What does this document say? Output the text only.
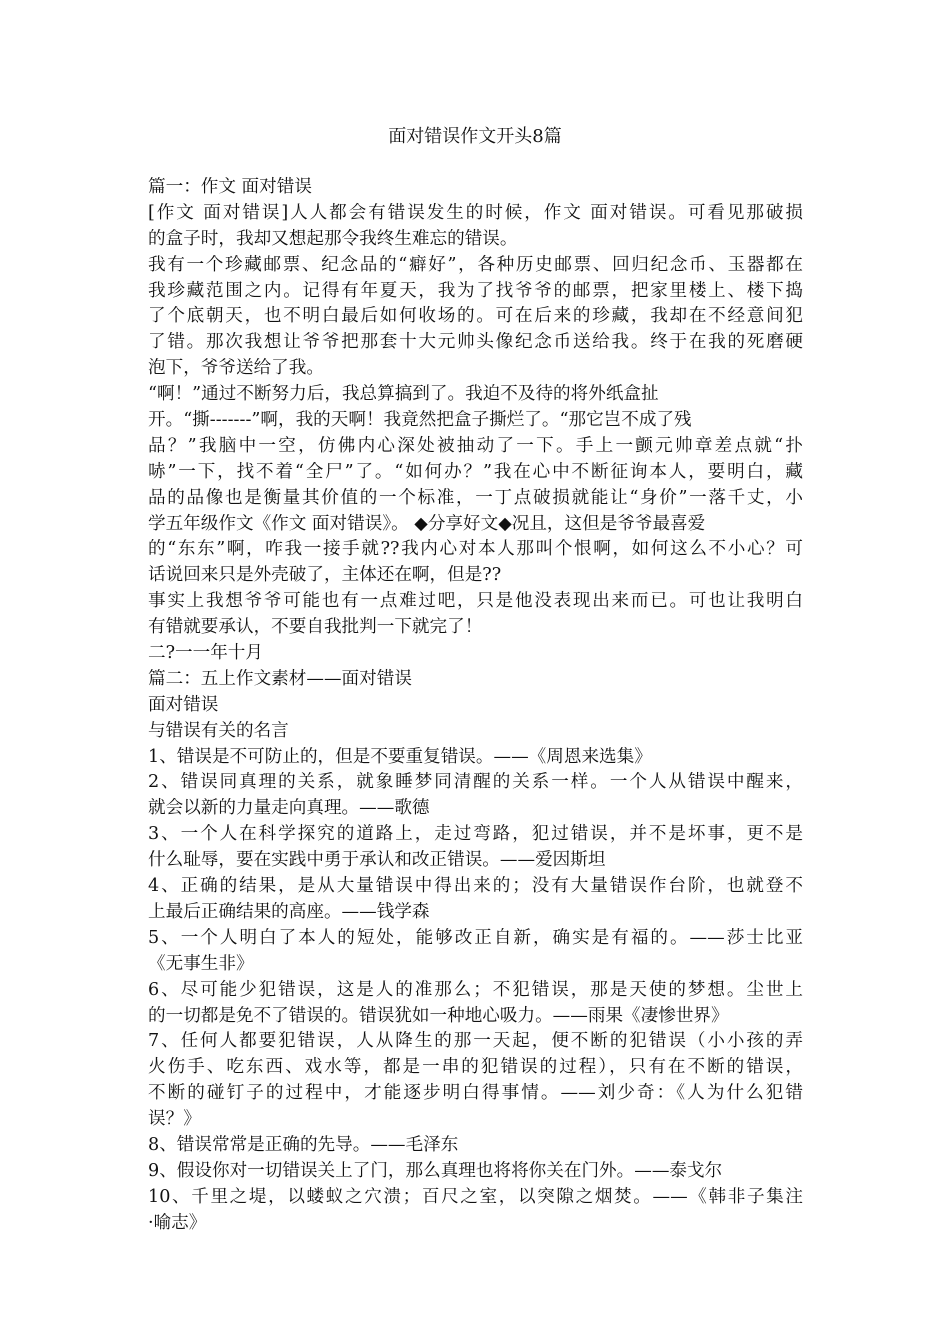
面对错误作文开头8篇
篇一：作文 面对错误
[作文 面对错误]人人都会有错误发生的时候，作文 面对错误。可看见那破损
的盒子时，我却又想起那令我终生难忘的错误。
我有一个珍藏邮票、纪念品的“癖好”，各种历史邮票、回归纪念币、玉器都在
我珍藏范围之内。记得有年夏天，我为了找爷爷的邮票，把家里楼上、楼下捣
了个底朝天，也不明白最后如何收场的。可在后来的珍藏，我却在不经意间犯
了错。那次我想让爷爷把那套十大元帅头像纪念币送给我。终于在我的死磨硬
泡下，爷爷送给了我。
“啊！”通过不断努力后，我总算搞到了。我迫不及待的将外纸盒扯
开。“撕-------”啊，我的天啊！我竟然把盒子撕烂了。“那它岂不成了残
品？”我脑中一空，仿佛内心深处被抽动了一下。手上一颤元帅章差点就“扑
哧”一下，找不着“全尸”了。“如何办？”我在心中不断征询本人，要明白，藏
品的品像也是衡量其价值的一个标准，一丁点破损就能让“身价”一落千丈，小
学五年级作文《作文 面对错误》。 ◆分享好文◆况且，这但是爷爷最喜爱
的“东东”啊，咋我一接手就??我内心对本人那叫个恨啊，如何这么不小心？可
话说回来只是外壳破了，主体还在啊，但是??
事实上我想爷爷可能也有一点难过吧，只是他没表现出来而已。可也让我明白
有错就要承认，不要自我批判一下就完了！
二?一一年十月
篇二：五上作文素材——面对错误
面对错误
与错误有关的名言
1、错误是不可防止的，但是不要重复错误。——《周恩来选集》
2、错误同真理的关系，就象睡梦同清醒的关系一样。一个人从错误中醒来，
就会以新的力量走向真理。——歌德
3、一个人在科学探究的道路上，走过弯路，犯过错误，并不是坏事，更不是
什么耻辱，要在实践中勇于承认和改正错误。——爱因斯坦
4、正确的结果，是从大量错误中得出来的；没有大量错误作台阶，也就登不
上最后正确结果的高座。——钱学森
5、一个人明白了本人的短处，能够改正自新，确实是有福的。——莎士比亚
《无事生非》
6、尽可能少犯错误，这是人的准那么；不犯错误，那是天使的梦想。尘世上
的一切都是免不了错误的。错误犹如一种地心吸力。——雨果《凄惨世界》
7、任何人都要犯错误，人从降生的那一天起，便不断的犯错误（小小孩的弄
火伤手、吃东西、戏水等，都是一串的犯错误的过程），只有在不断的错误，
不断的碰钉子的过程中，才能逐步明白得事情。——刘少奇：《人为什么犯错
误？》
8、错误常常是正确的先导。——毛泽东
9、假设你对一切错误关上了门，那么真理也将将你关在门外。——泰戈尔
10、千里之堤，以蝼蚁之穴溃；百尺之室，以突隙之烟焚。——《韩非子集注
·喻志》
